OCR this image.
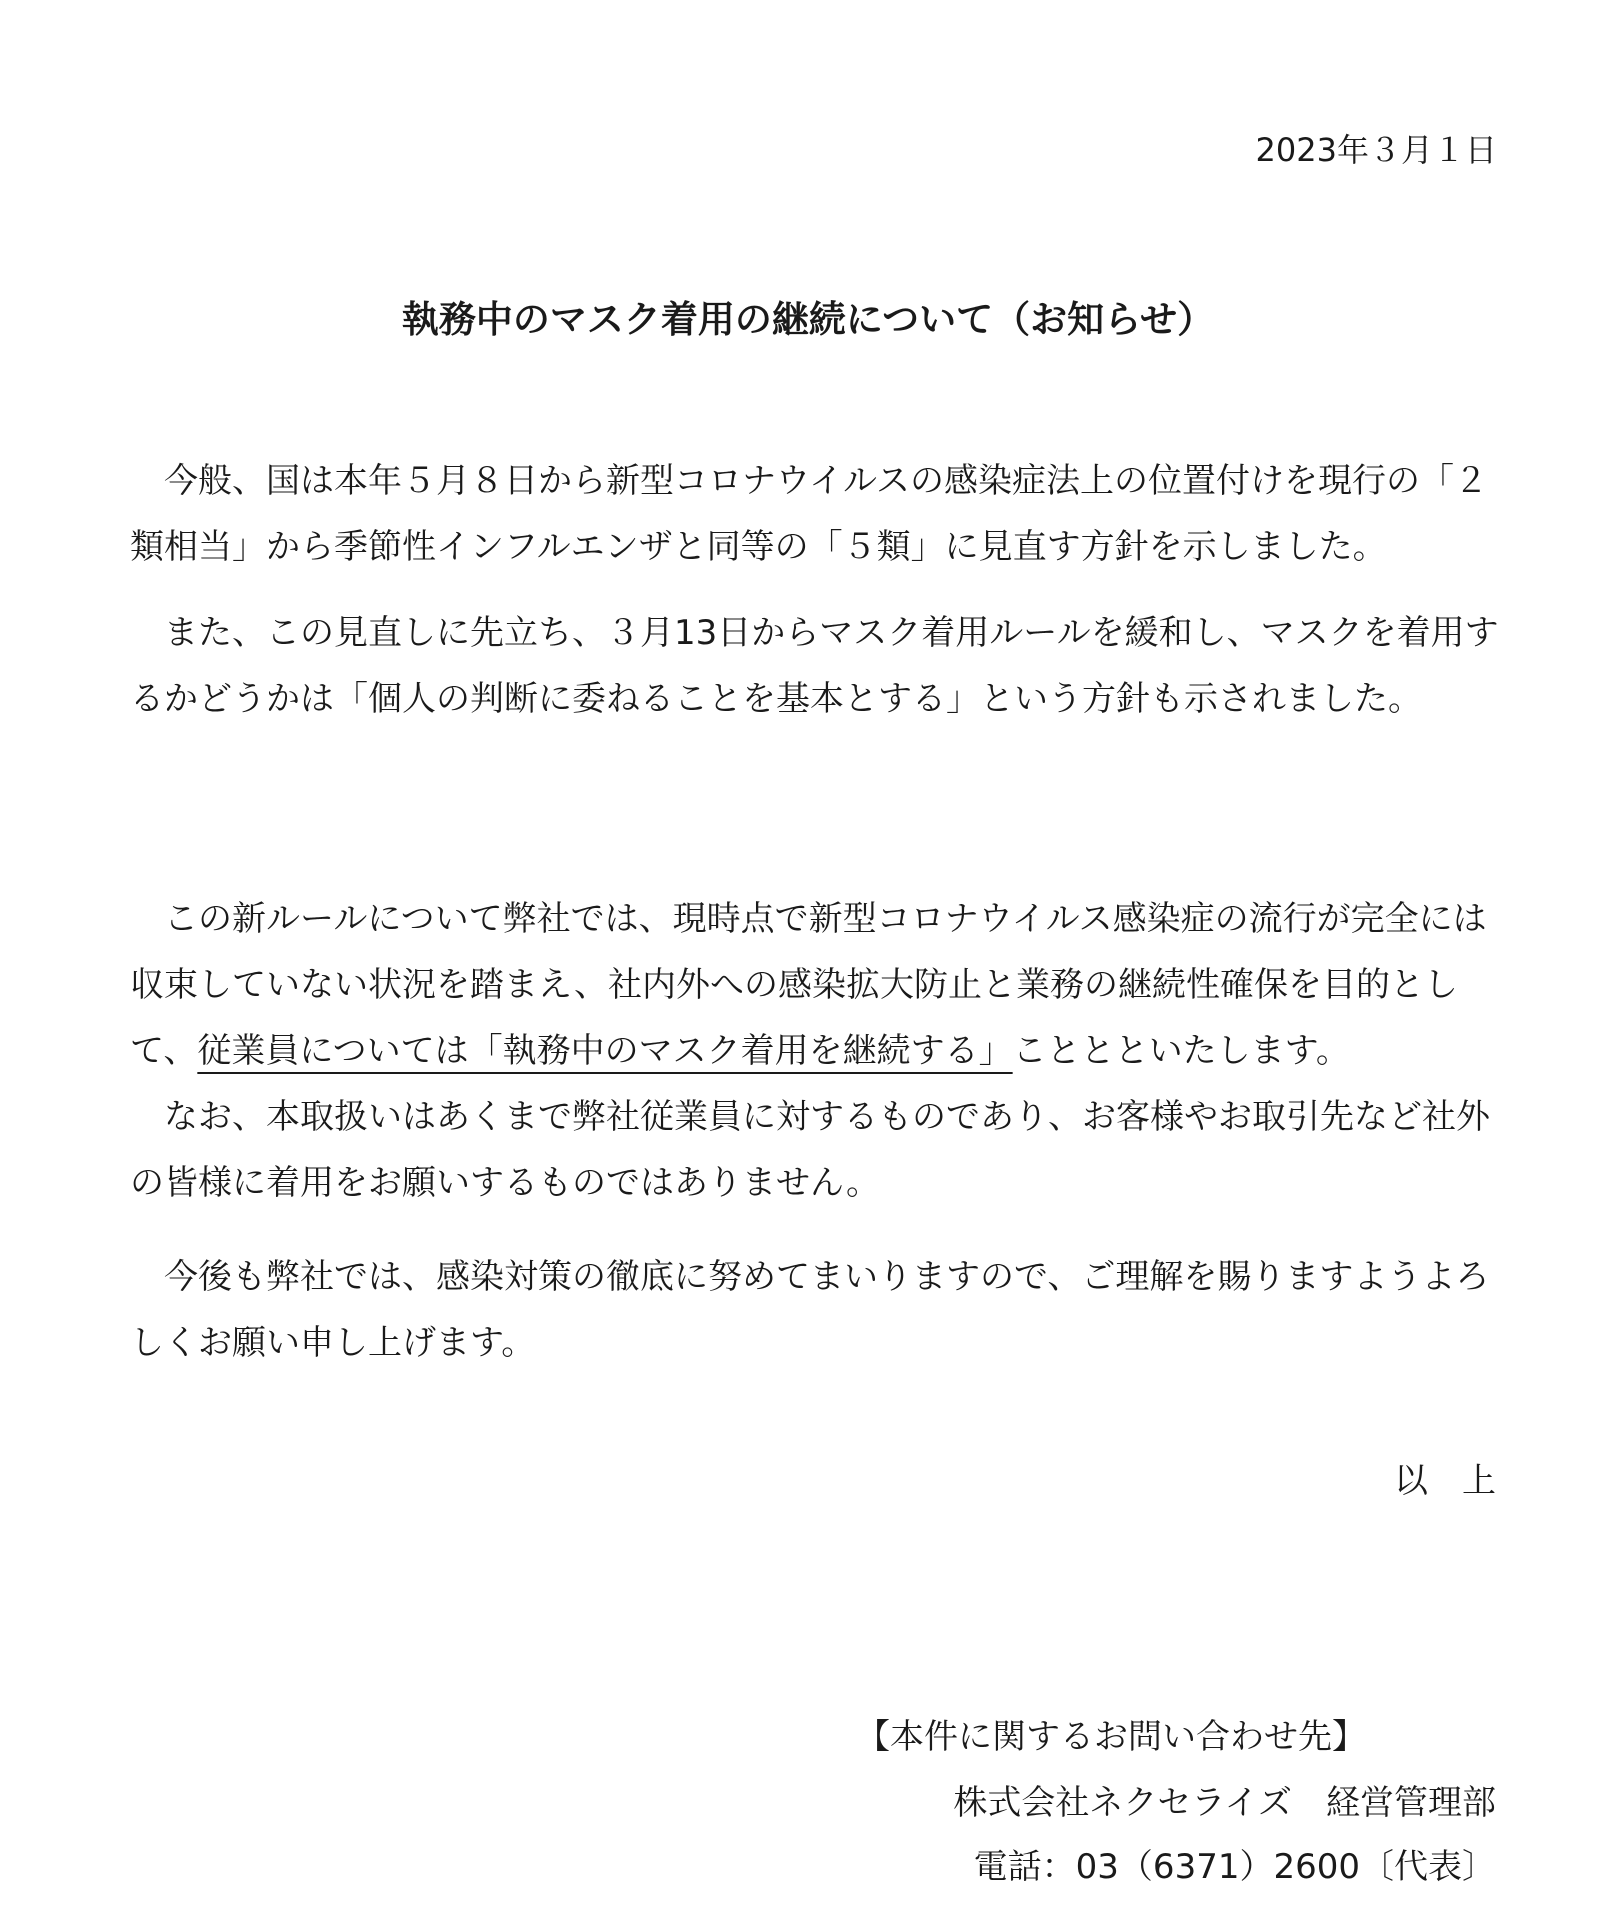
2023年３月１日
執務中のマスク着用の継続について（お知らせ）

今般、国は本年５月８日から新型コロナウイルスの感染症法上の位置付けを現行の「２類相当」から季節性インフルエンザと同等の「５類」に見直す方針を示しました。

また、この見直しに先立ち、３月13日からマスク着用ルールを緩和し、マスクを着用するかどうかは「個人の判断に委ねることを基本とする」という方針も示されました。

この新ルールについて弊社では、現時点で新型コロナウイルス感染症の流行が完全には収束していない状況を踏まえ、社内外への感染拡大防止と業務の継続性確保を目的として、従業員については「執務中のマスク着用を継続する」こととといたします。

なお、本取扱いはあくまで弊社従業員に対するものであり、お客様やお取引先など社外の皆様に着用をお願いするものではありません。

今後も弊社では、感染対策の徹底に努めてまいりますので、ご理解を賜りますようよろしくお願い申し上げます。

以　上
【本件に関するお問い合わせ先】
株式会社ネクセライズ　経営管理部
電話：03（6371）2600〔代表〕
